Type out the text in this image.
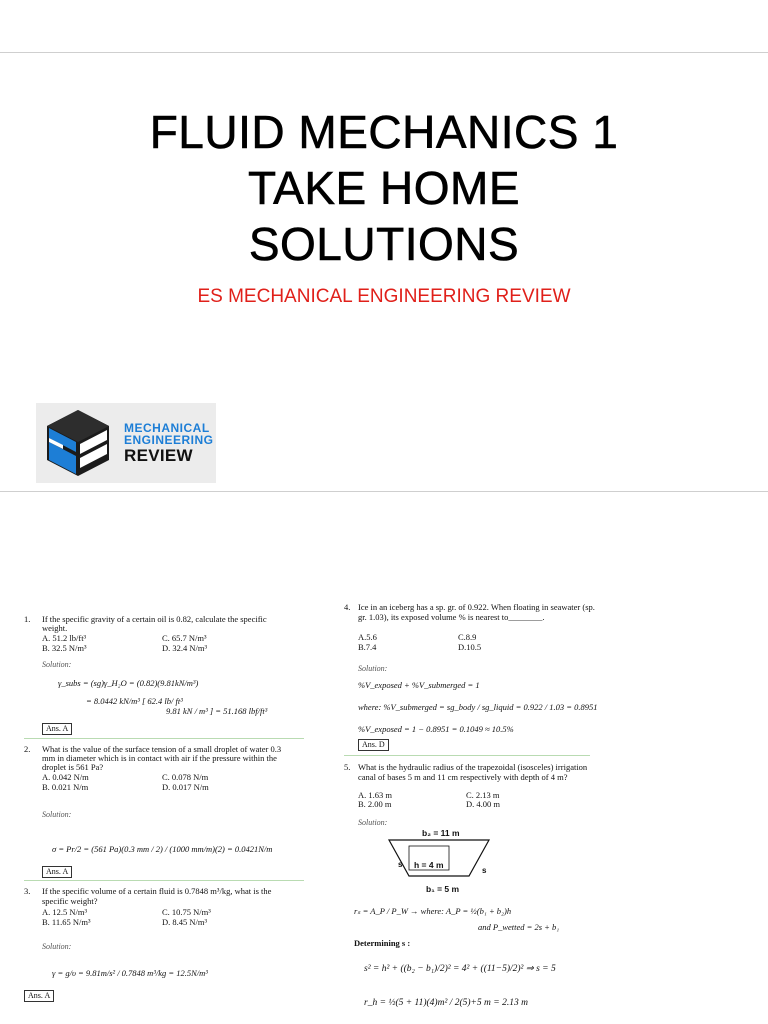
FLUID MECHANICS 1
TAKE HOME
SOLUTIONS
ES MECHANICAL ENGINEERING REVIEW
MECHANICAL
ENGINEERING
REVIEW
1. If the specific gravity of a certain oil is 0.82, calculate the specific
weight.
A. 51.2 lb/ft³	C. 65.7 N/m³
B. 32.5 N/m³	D. 32.4 N/m³
Solution:
γ_subs = (sg)γ_H₂O = (0.82)(9.81kN/m³)
= 8.0442 kN/m³ [ 62.4 lb/ ft³
9.81 kN / m³ ] = 51.168 lbf/ft³
Ans. A
2. What is the value of the surface tension of a small droplet of water 0.3
mm in diameter which is in contact with air if the pressure within the
droplet is 561 Pa?
A. 0.042 N/m	C. 0.078 N/m
B. 0.021 N/m	D. 0.017 N/m
Solution:
σ = Pr/2 = (561 Pa)(0.3 mm / 2) / (1000 mm/m)(2) = 0.0421N/m
Ans. A
3. If the specific volume of a certain fluid is 0.7848 m³/kg, what is the
specific weight?
A. 12.5 N/m³	C. 10.75 N/m³
B. 11.65 N/m³	D. 8.45 N/m³
Solution:
γ = g/υ = 9.81m/s² / 0.7848 m³/kg = 12.5N/m³
Ans. A
4. Ice in an iceberg has a sp. gr. of 0.922. When floating in seawater (sp.
gr. 1.03), its exposed volume % is nearest to________.
A.5.6	C.8.9
B.7.4	D.10.5
Solution:
%V_exposed + %V_submerged = 1
where: %V_submerged = sg_body / sg_liquid = 0.922 / 1.03 = 0.8951
%V_exposed = 1 − 0.8951 = 0.1049 ≈ 10.5%
Ans. D
5. What is the hydraulic radius of the trapezoidal (isosceles) irrigation
canal of bases 5 m and 11 cm respectively with depth of 4 m?
A. 1.63 m	C. 2.13 m
B. 2.00 m	D. 4.00 m
Solution:
b₂ = 11 m
h = 4 m
s
s
b₁ = 5 m
rₛ = A_P / P_W → where: A_P = ½(b₁ + b₂)h
and P_wetted = 2s + b₁
Determining s :
s² = h² + ((b₂ − b₁)/2)² = 4² + ((11−5)/2)² ⇒ s = 5
r_h = ½(5 + 11)(4)m² / 2(5)+5 m = 2.13 m
